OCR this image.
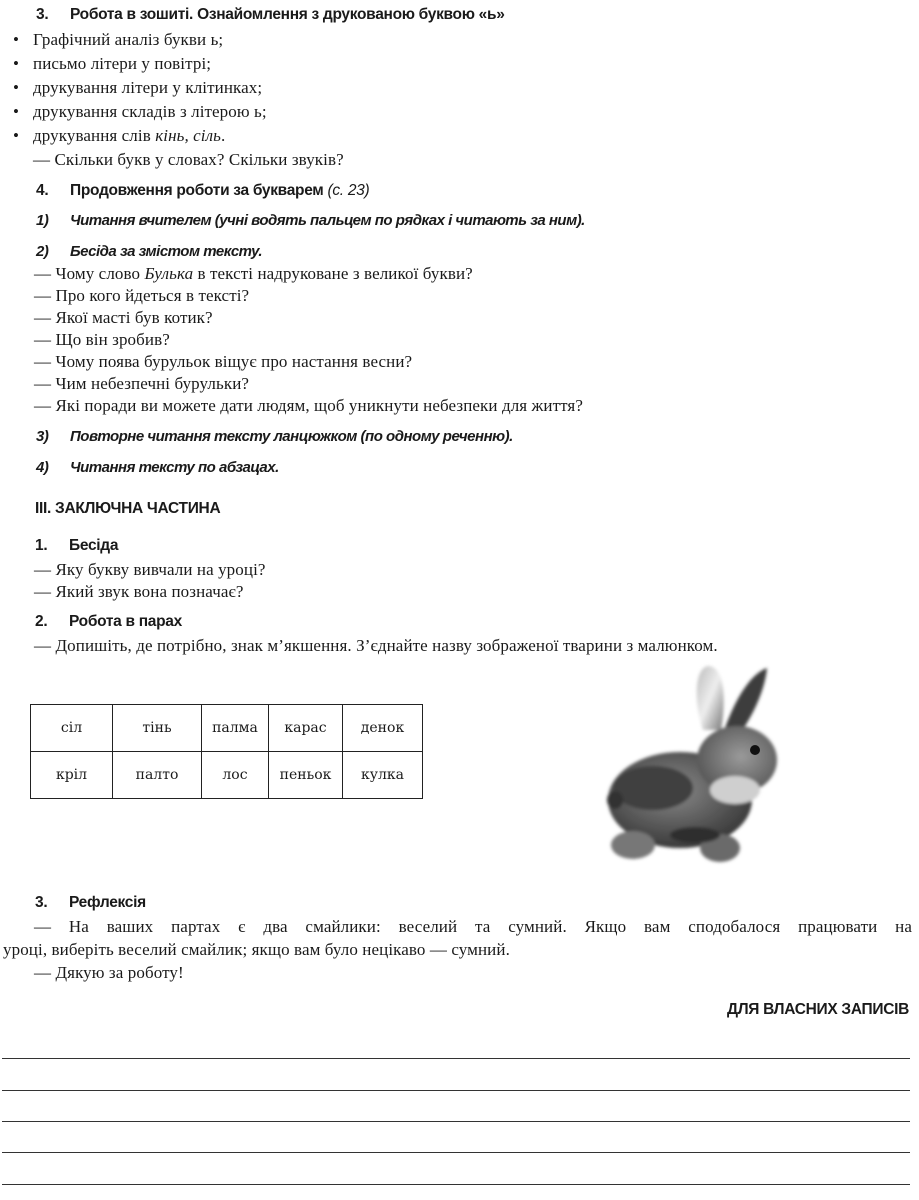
3. Робота в зошиті. Ознайомлення з друкованою буквою «ь»
• Графічний аналіз букви ь;
• письмо літери у повітрі;
• друкування літери у клітинках;
• друкування складів з літерою ь;
• друкування слів кінь, сіль.
— Скільки букв у словах? Скільки звуків?
4. Продовження роботи за букварем (с. 23)
1) Читання вчителем (учні водять пальцем по рядках і читають за ним).
2) Бесіда за змістом тексту.
— Чому слово Булька в тексті надруковане з великої букви?
— Про кого йдеться в тексті?
— Якої масті був котик?
— Що він зробив?
— Чому поява бурульок віщує про настання весни?
— Чим небезпечні бурульки?
— Які поради ви можете дати людям, щоб уникнути небезпеки для життя?
3) Повторне читання тексту ланцюжком (по одному реченню).
4) Читання тексту по абзацах.
III. ЗАКЛЮЧНА ЧАСТИНА
1. Бесіда
— Яку букву вивчали на уроці?
— Який звук вона позначає?
2. Робота в парах
— Допишіть, де потрібно, знак м’якшення. З’єднайте назву зображеної тварини з малюнком.
сіл	тінь	палма	карас	денок
кріл	палто	лос	пеньок	кулка
3. Рефлексія
— На ваших партах є два смайлики: веселий та сумний. Якщо вам сподобалося працювати на
уроці, виберіть веселий смайлик; якщо вам було нецікаво — сумний.
— Дякую за роботу!
ДЛЯ ВЛАСНИХ ЗАПИСІВ
